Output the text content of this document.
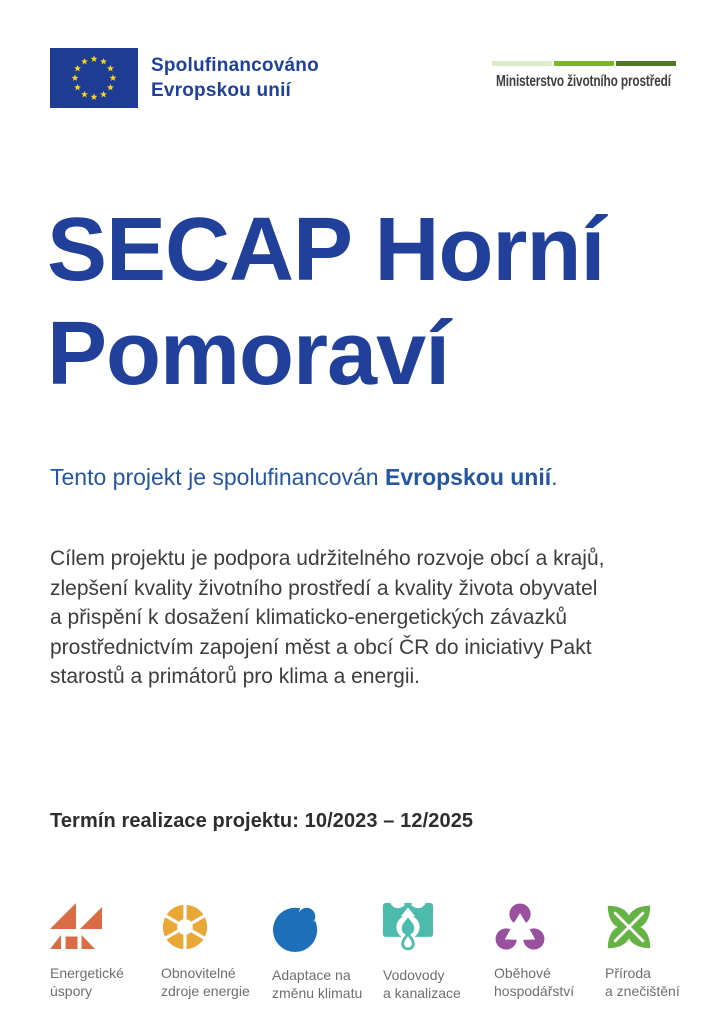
Spolufinancováno
Evropskou unií	Ministerstvo životního prostředí
SECAP Horní
Pomoraví

Tento projekt je spolufinancován Evropskou unií.

Cílem projektu je podpora udržitelného rozvoje obcí a krajů,
zlepšení kvality životního prostředí a kvality života obyvatel
a přispění k dosažení klimaticko-energetických závazků
prostřednictvím zapojení měst a obcí ČR do iniciativy Pakt
starostů a primátorů pro klima a energii.
Termín realizace projektu: 10/2023 – 12/2025
Energetické
úspory
Obnovitelné
zdroje energie
Adaptace na
změnu klimatu
Vodovody
a kanalizace
Oběhové
hospodářství
Příroda
a znečištění
